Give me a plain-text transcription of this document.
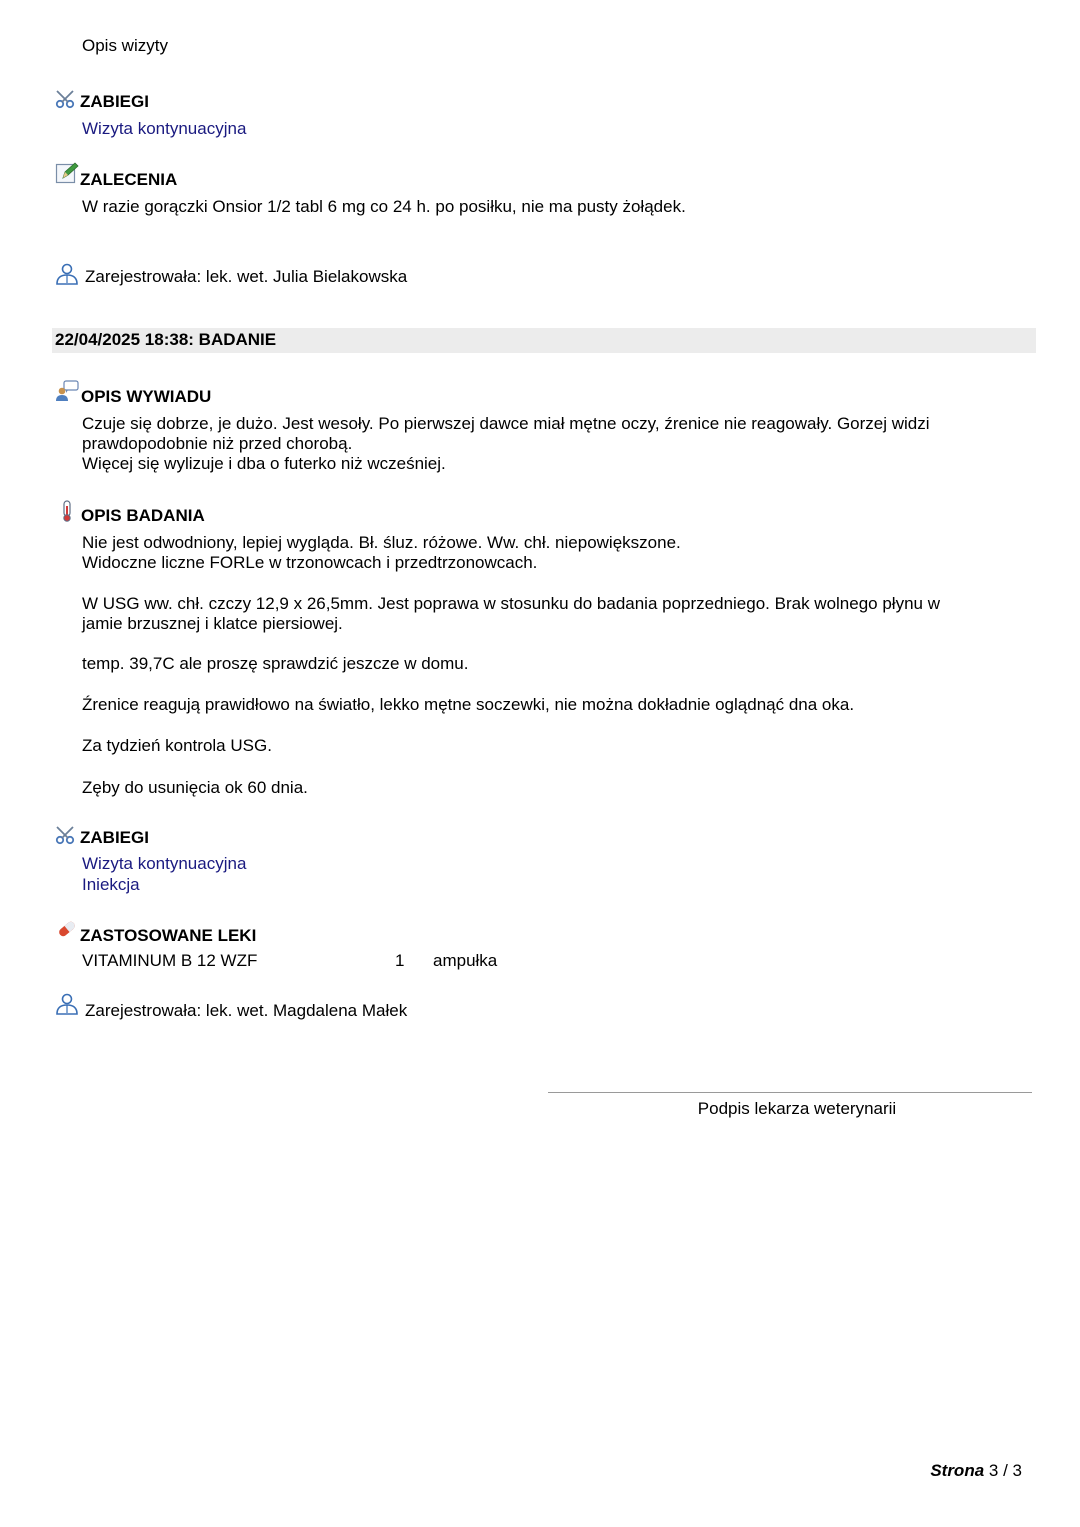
Opis wizyty
ZABIEGI
Wizyta kontynuacyjna
ZALECENIA
W razie gorączki Onsior 1/2 tabl 6 mg co 24 h. po posiłku, nie ma pusty żołądek.
Zarejestrowała: lek. wet. Julia Bielakowska
22/04/2025 18:38: BADANIE
OPIS WYWIADU
Czuje się dobrze, je dużo. Jest wesoły. Po pierwszej dawce miał mętne oczy, źrenice nie reagowały. Gorzej widzi
prawdopodobnie niż przed chorobą.
Więcej się wylizuje i dba o futerko niż wcześniej.
OPIS BADANIA
Nie jest odwodniony, lepiej wygląda. Bł. śluz. różowe. Ww. chł. niepowiększone.
Widoczne liczne FORLe w trzonowcach i przedtrzonowcach.
W USG ww. chł. czczy 12,9 x 26,5mm. Jest poprawa w stosunku do badania poprzedniego. Brak wolnego płynu w
jamie brzusznej i klatce piersiowej.
temp. 39,7C ale proszę sprawdzić jeszcze w domu.
Źrenice reagują prawidłowo na światło, lekko mętne soczewki, nie można dokładnie oglądnąć dna oka.
Za tydzień kontrola USG.
Zęby do usunięcia ok 60 dnia.
ZABIEGI
Wizyta kontynuacyjna
Iniekcja
ZASTOSOWANE LEKI
VITAMINUM B 12 WZF	1 ampułka
Zarejestrowała: lek. wet. Magdalena Małek
Podpis lekarza weterynarii
Strona 3 / 3
